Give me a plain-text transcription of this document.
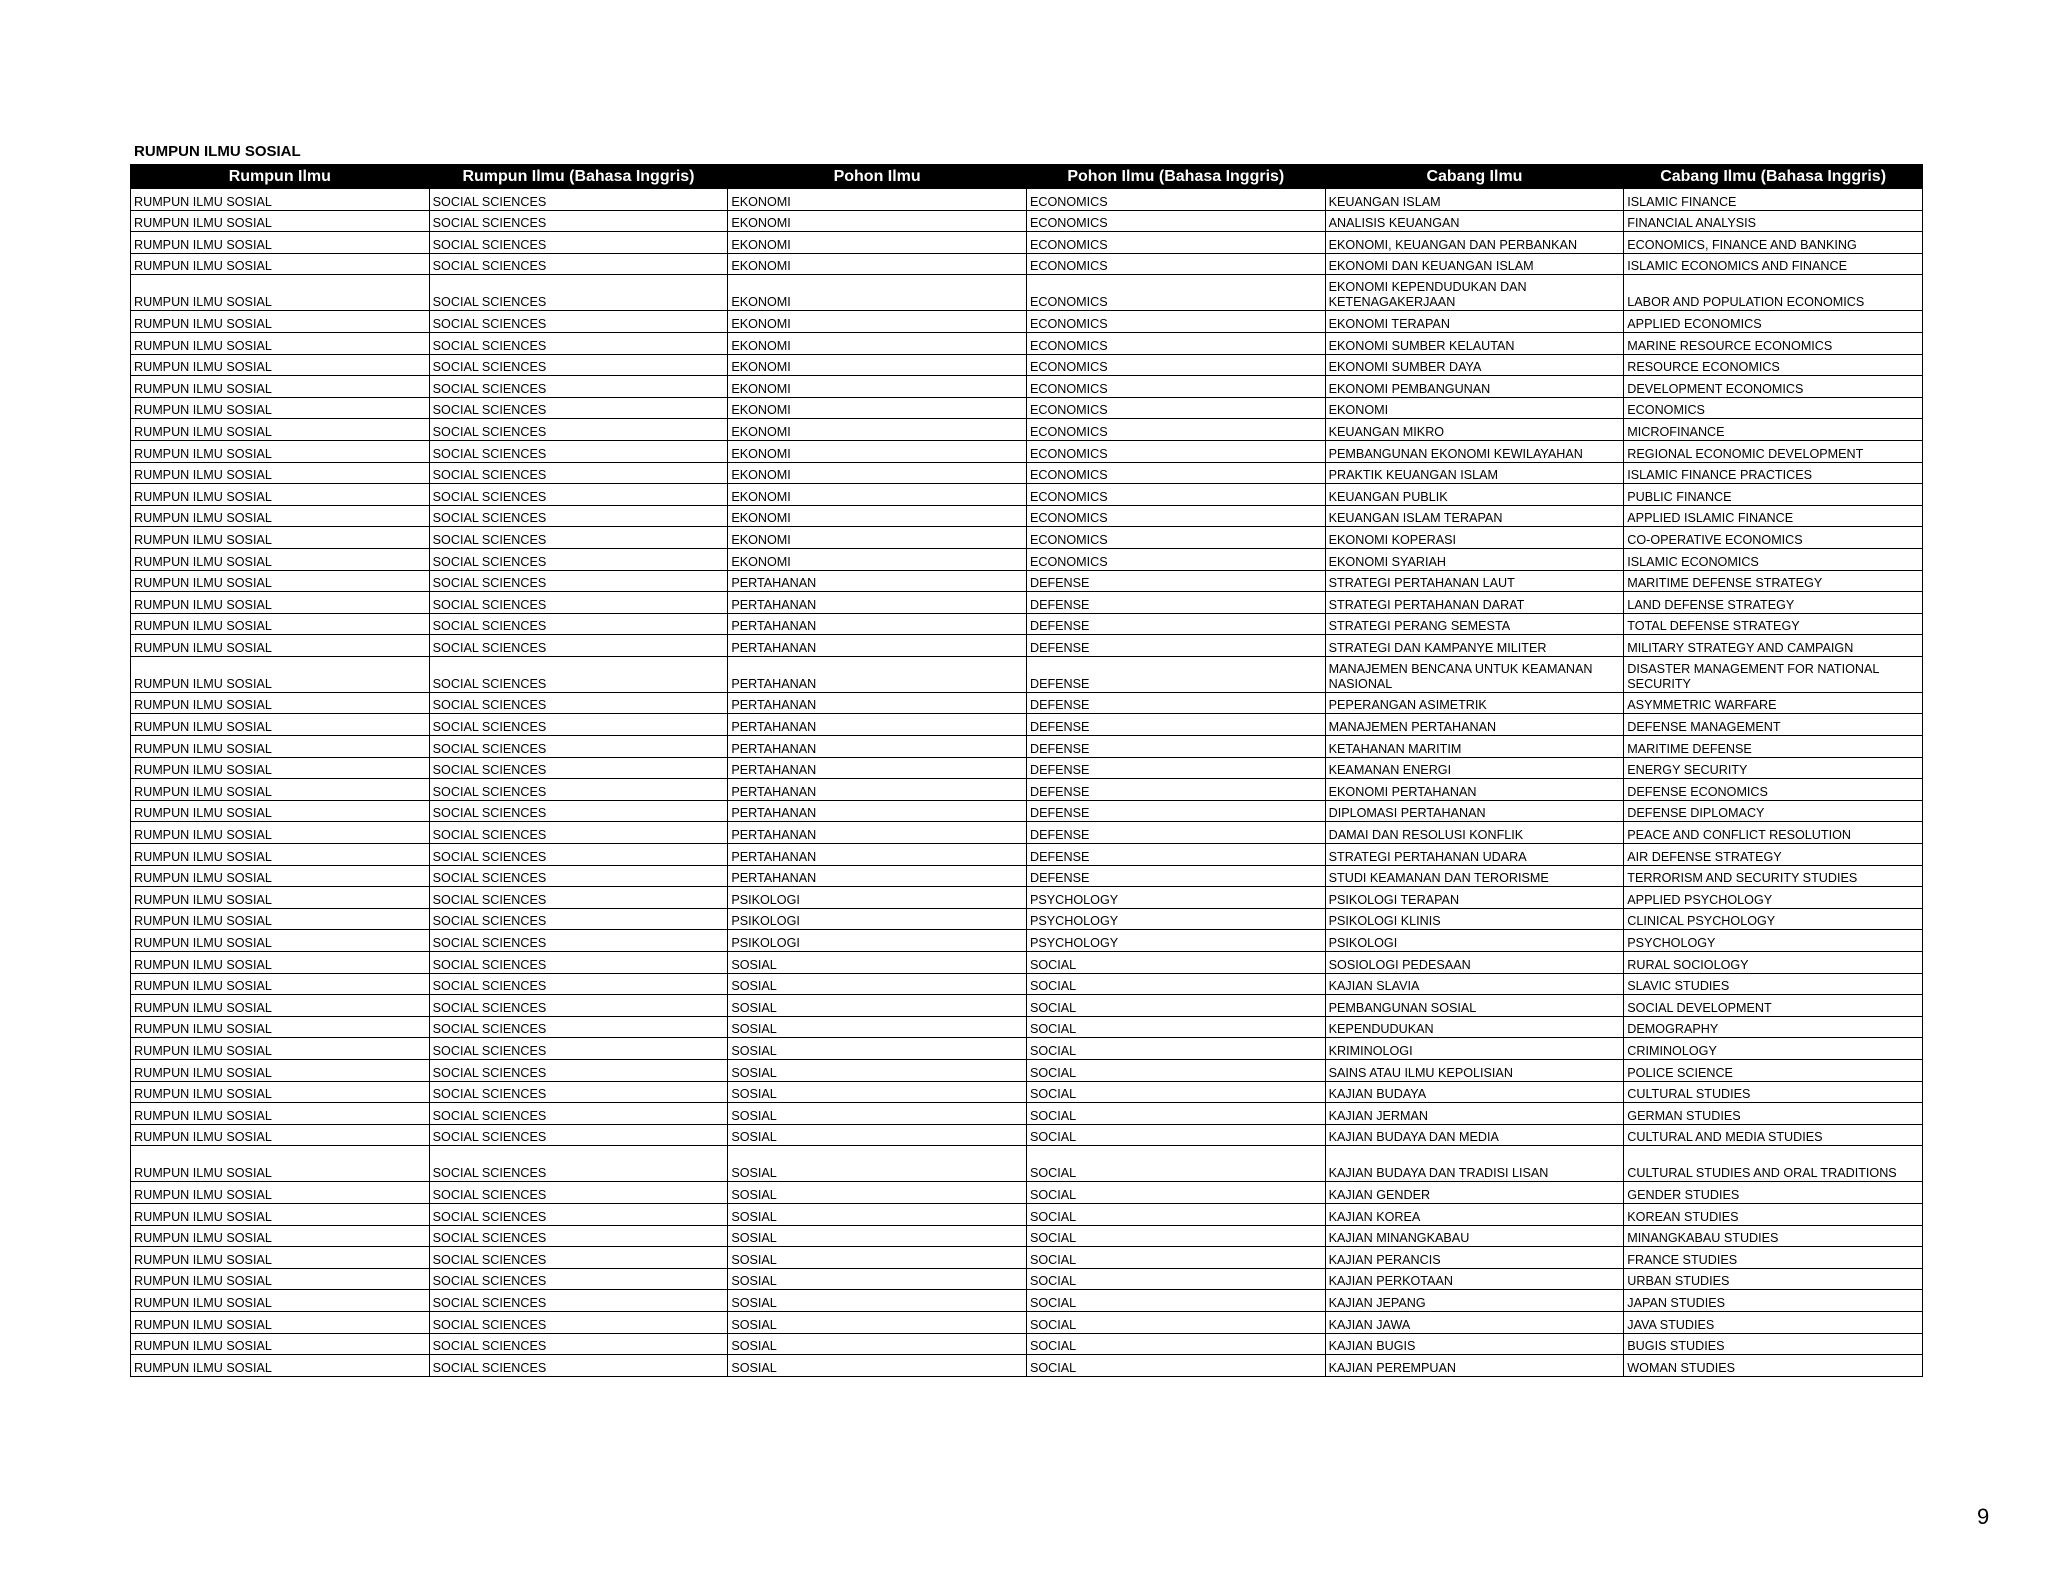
RUMPUN ILMU SOSIAL
Rumpun Ilmu	Rumpun Ilmu (Bahasa Inggris)	Pohon Ilmu	Pohon Ilmu (Bahasa Inggris)	Cabang Ilmu	Cabang Ilmu (Bahasa Inggris)
RUMPUN ILMU SOSIAL	SOCIAL SCIENCES	EKONOMI	ECONOMICS	KEUANGAN ISLAM	ISLAMIC FINANCE
RUMPUN ILMU SOSIAL	SOCIAL SCIENCES	EKONOMI	ECONOMICS	ANALISIS KEUANGAN	FINANCIAL ANALYSIS
RUMPUN ILMU SOSIAL	SOCIAL SCIENCES	EKONOMI	ECONOMICS	EKONOMI, KEUANGAN DAN PERBANKAN	ECONOMICS, FINANCE AND BANKING
RUMPUN ILMU SOSIAL	SOCIAL SCIENCES	EKONOMI	ECONOMICS	EKONOMI DAN KEUANGAN ISLAM	ISLAMIC ECONOMICS AND FINANCE
RUMPUN ILMU SOSIAL	SOCIAL SCIENCES	EKONOMI	ECONOMICS	EKONOMI KEPENDUDUKAN DAN KETENAGAKERJAAN	LABOR AND POPULATION ECONOMICS
RUMPUN ILMU SOSIAL	SOCIAL SCIENCES	EKONOMI	ECONOMICS	EKONOMI TERAPAN	APPLIED ECONOMICS
RUMPUN ILMU SOSIAL	SOCIAL SCIENCES	EKONOMI	ECONOMICS	EKONOMI SUMBER KELAUTAN	MARINE RESOURCE ECONOMICS
RUMPUN ILMU SOSIAL	SOCIAL SCIENCES	EKONOMI	ECONOMICS	EKONOMI SUMBER DAYA	RESOURCE ECONOMICS
RUMPUN ILMU SOSIAL	SOCIAL SCIENCES	EKONOMI	ECONOMICS	EKONOMI PEMBANGUNAN	DEVELOPMENT ECONOMICS
RUMPUN ILMU SOSIAL	SOCIAL SCIENCES	EKONOMI	ECONOMICS	EKONOMI	ECONOMICS
RUMPUN ILMU SOSIAL	SOCIAL SCIENCES	EKONOMI	ECONOMICS	KEUANGAN MIKRO	MICROFINANCE
RUMPUN ILMU SOSIAL	SOCIAL SCIENCES	EKONOMI	ECONOMICS	PEMBANGUNAN EKONOMI KEWILAYAHAN	REGIONAL ECONOMIC DEVELOPMENT
RUMPUN ILMU SOSIAL	SOCIAL SCIENCES	EKONOMI	ECONOMICS	PRAKTIK KEUANGAN ISLAM	ISLAMIC FINANCE PRACTICES
RUMPUN ILMU SOSIAL	SOCIAL SCIENCES	EKONOMI	ECONOMICS	KEUANGAN PUBLIK	PUBLIC FINANCE
RUMPUN ILMU SOSIAL	SOCIAL SCIENCES	EKONOMI	ECONOMICS	KEUANGAN ISLAM TERAPAN	APPLIED ISLAMIC FINANCE
RUMPUN ILMU SOSIAL	SOCIAL SCIENCES	EKONOMI	ECONOMICS	EKONOMI KOPERASI	CO-OPERATIVE ECONOMICS
RUMPUN ILMU SOSIAL	SOCIAL SCIENCES	EKONOMI	ECONOMICS	EKONOMI SYARIAH	ISLAMIC ECONOMICS
RUMPUN ILMU SOSIAL	SOCIAL SCIENCES	PERTAHANAN	DEFENSE	STRATEGI PERTAHANAN LAUT	MARITIME DEFENSE STRATEGY
RUMPUN ILMU SOSIAL	SOCIAL SCIENCES	PERTAHANAN	DEFENSE	STRATEGI PERTAHANAN DARAT	LAND DEFENSE STRATEGY
RUMPUN ILMU SOSIAL	SOCIAL SCIENCES	PERTAHANAN	DEFENSE	STRATEGI PERANG SEMESTA	TOTAL DEFENSE STRATEGY
RUMPUN ILMU SOSIAL	SOCIAL SCIENCES	PERTAHANAN	DEFENSE	STRATEGI DAN KAMPANYE MILITER	MILITARY STRATEGY AND CAMPAIGN
RUMPUN ILMU SOSIAL	SOCIAL SCIENCES	PERTAHANAN	DEFENSE	MANAJEMEN BENCANA UNTUK KEAMANAN NASIONAL	DISASTER MANAGEMENT FOR NATIONAL SECURITY
RUMPUN ILMU SOSIAL	SOCIAL SCIENCES	PERTAHANAN	DEFENSE	PEPERANGAN ASIMETRIK	ASYMMETRIC WARFARE
RUMPUN ILMU SOSIAL	SOCIAL SCIENCES	PERTAHANAN	DEFENSE	MANAJEMEN PERTAHANAN	DEFENSE MANAGEMENT
RUMPUN ILMU SOSIAL	SOCIAL SCIENCES	PERTAHANAN	DEFENSE	KETAHANAN MARITIM	MARITIME DEFENSE
RUMPUN ILMU SOSIAL	SOCIAL SCIENCES	PERTAHANAN	DEFENSE	KEAMANAN ENERGI	ENERGY SECURITY
RUMPUN ILMU SOSIAL	SOCIAL SCIENCES	PERTAHANAN	DEFENSE	EKONOMI PERTAHANAN	DEFENSE ECONOMICS
RUMPUN ILMU SOSIAL	SOCIAL SCIENCES	PERTAHANAN	DEFENSE	DIPLOMASI PERTAHANAN	DEFENSE DIPLOMACY
RUMPUN ILMU SOSIAL	SOCIAL SCIENCES	PERTAHANAN	DEFENSE	DAMAI DAN RESOLUSI KONFLIK	PEACE AND CONFLICT RESOLUTION
RUMPUN ILMU SOSIAL	SOCIAL SCIENCES	PERTAHANAN	DEFENSE	STRATEGI PERTAHANAN UDARA	AIR DEFENSE STRATEGY
RUMPUN ILMU SOSIAL	SOCIAL SCIENCES	PERTAHANAN	DEFENSE	STUDI KEAMANAN DAN TERORISME	TERRORISM AND SECURITY STUDIES
RUMPUN ILMU SOSIAL	SOCIAL SCIENCES	PSIKOLOGI	PSYCHOLOGY	PSIKOLOGI TERAPAN	APPLIED PSYCHOLOGY
RUMPUN ILMU SOSIAL	SOCIAL SCIENCES	PSIKOLOGI	PSYCHOLOGY	PSIKOLOGI KLINIS	CLINICAL PSYCHOLOGY
RUMPUN ILMU SOSIAL	SOCIAL SCIENCES	PSIKOLOGI	PSYCHOLOGY	PSIKOLOGI	PSYCHOLOGY
RUMPUN ILMU SOSIAL	SOCIAL SCIENCES	SOSIAL	SOCIAL	SOSIOLOGI PEDESAAN	RURAL SOCIOLOGY
RUMPUN ILMU SOSIAL	SOCIAL SCIENCES	SOSIAL	SOCIAL	KAJIAN SLAVIA	SLAVIC STUDIES
RUMPUN ILMU SOSIAL	SOCIAL SCIENCES	SOSIAL	SOCIAL	PEMBANGUNAN SOSIAL	SOCIAL DEVELOPMENT
RUMPUN ILMU SOSIAL	SOCIAL SCIENCES	SOSIAL	SOCIAL	KEPENDUDUKAN	DEMOGRAPHY
RUMPUN ILMU SOSIAL	SOCIAL SCIENCES	SOSIAL	SOCIAL	KRIMINOLOGI	CRIMINOLOGY
RUMPUN ILMU SOSIAL	SOCIAL SCIENCES	SOSIAL	SOCIAL	SAINS ATAU ILMU KEPOLISIAN	POLICE SCIENCE
RUMPUN ILMU SOSIAL	SOCIAL SCIENCES	SOSIAL	SOCIAL	KAJIAN BUDAYA	CULTURAL STUDIES
RUMPUN ILMU SOSIAL	SOCIAL SCIENCES	SOSIAL	SOCIAL	KAJIAN JERMAN	GERMAN STUDIES
RUMPUN ILMU SOSIAL	SOCIAL SCIENCES	SOSIAL	SOCIAL	KAJIAN BUDAYA DAN MEDIA	CULTURAL AND MEDIA STUDIES
RUMPUN ILMU SOSIAL	SOCIAL SCIENCES	SOSIAL	SOCIAL	KAJIAN BUDAYA DAN TRADISI LISAN	CULTURAL STUDIES AND ORAL TRADITIONS
RUMPUN ILMU SOSIAL	SOCIAL SCIENCES	SOSIAL	SOCIAL	KAJIAN GENDER	GENDER STUDIES
RUMPUN ILMU SOSIAL	SOCIAL SCIENCES	SOSIAL	SOCIAL	KAJIAN KOREA	KOREAN STUDIES
RUMPUN ILMU SOSIAL	SOCIAL SCIENCES	SOSIAL	SOCIAL	KAJIAN MINANGKABAU	MINANGKABAU STUDIES
RUMPUN ILMU SOSIAL	SOCIAL SCIENCES	SOSIAL	SOCIAL	KAJIAN PERANCIS	FRANCE STUDIES
RUMPUN ILMU SOSIAL	SOCIAL SCIENCES	SOSIAL	SOCIAL	KAJIAN PERKOTAAN	URBAN STUDIES
RUMPUN ILMU SOSIAL	SOCIAL SCIENCES	SOSIAL	SOCIAL	KAJIAN JEPANG	JAPAN STUDIES
RUMPUN ILMU SOSIAL	SOCIAL SCIENCES	SOSIAL	SOCIAL	KAJIAN JAWA	JAVA STUDIES
RUMPUN ILMU SOSIAL	SOCIAL SCIENCES	SOSIAL	SOCIAL	KAJIAN BUGIS	BUGIS STUDIES
RUMPUN ILMU SOSIAL	SOCIAL SCIENCES	SOSIAL	SOCIAL	KAJIAN PEREMPUAN	WOMAN STUDIES
9
